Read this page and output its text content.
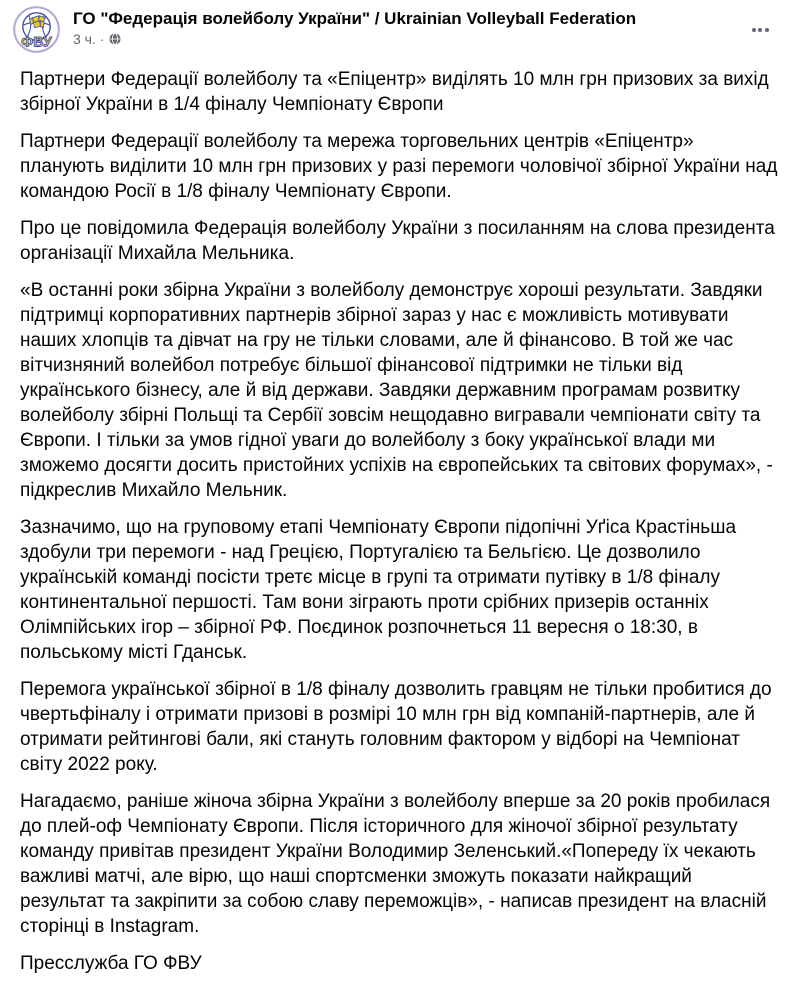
ФВУ
ГО "Федерація волейболу України" / Ukrainian Volleyball Federation
3 ч. ·

Партнери Федерації волейболу та «Епіцентр» виділять 10 млн грн призових за вихід збірної України в 1/4 фіналу Чемпіонату Європи

Партнери Федерації волейболу та мережа торговельних центрів «Епіцентр» планують виділити 10 млн грн призових у разі перемоги чоловічої збірної України над командою Росії в 1/8 фіналу Чемпіонату Європи.

Про це повідомила Федерація волейболу України з посиланням на слова президента організації Михайла Мельника.

«В останні роки збірна України з волейболу демонструє хороші результати. Завдяки підтримці корпоративних партнерів збірної зараз у нас є можливість мотивувати наших хлопців та дівчат на гру не тільки словами, але й фінансово. В той же час вітчизняний волейбол потребує більшої фінансової підтримки не тільки від українського бізнесу, але й від держави. Завдяки державним програмам розвитку волейболу збірні Польщі та Сербії зовсім нещодавно вигравали чемпіонати світу та Європи. І тільки за умов гідної уваги до волейболу з боку української влади ми зможемо досягти досить пристойних успіхів на європейських та світових форумах», - підкреслив Михайло Мельник.

Зазначимо, що на груповому етапі Чемпіонату Європи підопічні Уґіса Крастіньша здобули три перемоги - над Грецією, Португалією та Бельгією. Це дозволило українській команді посісти третє місце в групі та отримати путівку в 1/8 фіналу континентальної першості. Там вони зіграють проти срібних призерів останніх Олімпійських ігор – збірної РФ. Поєдинок розпочнеться 11 вересня о 18:30, в польському місті Гданськ.

Перемога української збірної в 1/8 фіналу дозволить гравцям не тільки пробитися до чвертьфіналу і отримати призові в розмірі 10 млн грн від компаній-партнерів, але й отримати рейтингові бали, які стануть головним фактором у відборі на Чемпіонат світу 2022 року.

Нагадаємо, раніше жіноча збірна України з волейболу вперше за 20 років пробилася до плей-оф Чемпіонату Європи. Після історичного для жіночої збірної результату команду привітав президент України Володимир Зеленський.«Попереду їх чекають важливі матчі, але вірю, що наші спортсменки зможуть показати найкращий результат та закріпити за собою славу переможців», - написав президент на власній сторінці в Instagram.

Пресслужба ГО ФВУ
